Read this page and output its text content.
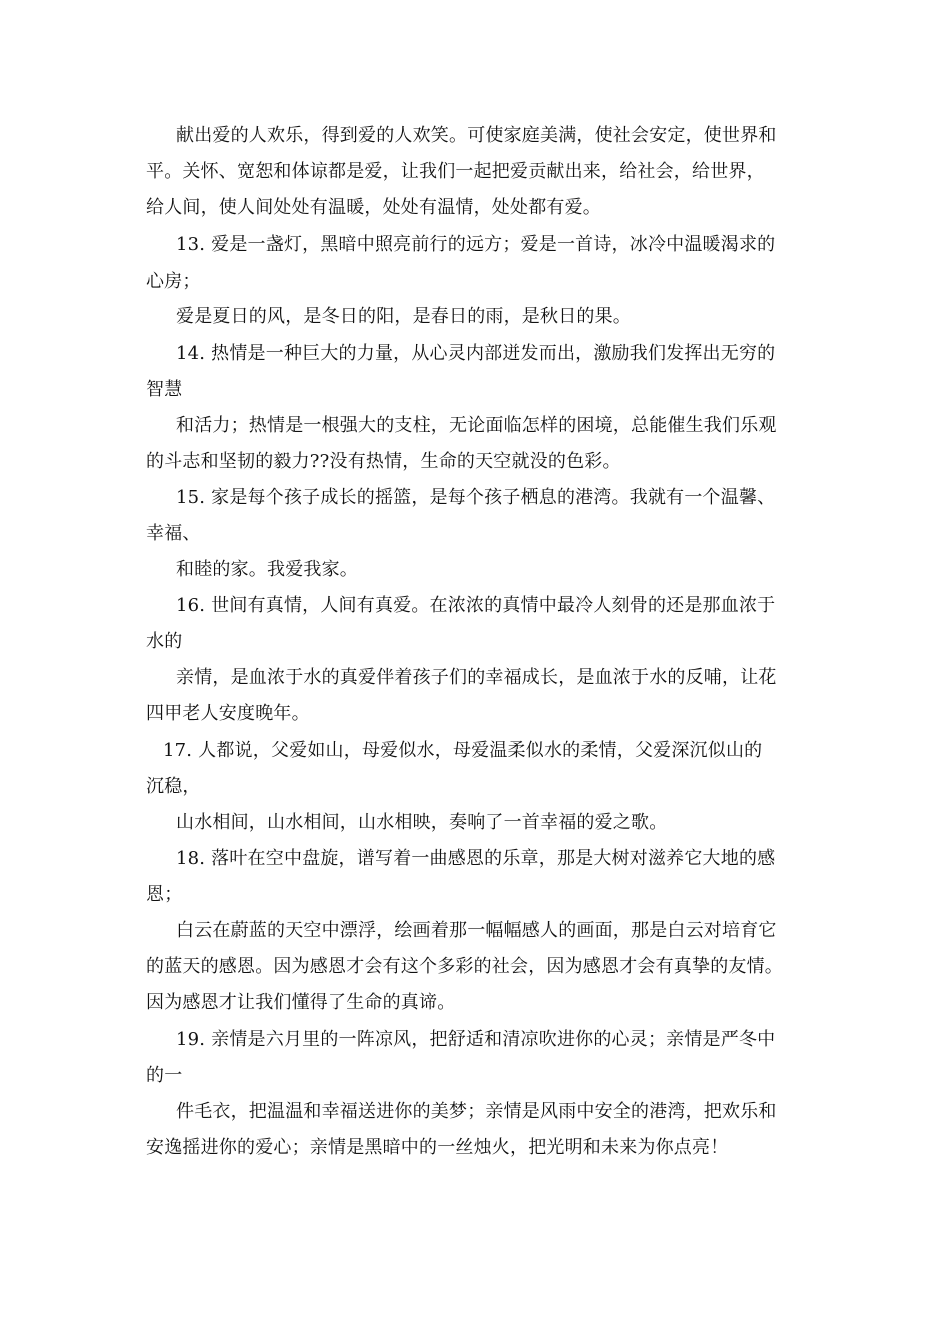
献出爱的人欢乐，得到爱的人欢笑。可使家庭美满，使社会安定，使世界和
平。关怀、宽恕和体谅都是爱，让我们一起把爱贡献出来，给社会，给世界，
给人间，使人间处处有温暖，处处有温情，处处都有爱。
13. 爱是一盏灯，黑暗中照亮前行的远方；爱是一首诗，冰冷中温暖渴求的
心房；
爱是夏日的风，是冬日的阳，是春日的雨，是秋日的果。
14. 热情是一种巨大的力量，从心灵内部迸发而出，激励我们发挥出无穷的
智慧
和活力；热情是一根强大的支柱，无论面临怎样的困境，总能催生我们乐观
的斗志和坚韧的毅力??没有热情，生命的天空就没的色彩。
15. 家是每个孩子成长的摇篮，是每个孩子栖息的港湾。我就有一个温馨、
幸福、
和睦的家。我爱我家。
16. 世间有真情，人间有真爱。在浓浓的真情中最冷人刻骨的还是那血浓于
水的
亲情，是血浓于水的真爱伴着孩子们的幸福成长，是血浓于水的反哺，让花
四甲老人安度晚年。
17. 人都说，父爱如山，母爱似水，母爱温柔似水的柔情，父爱深沉似山的
沉稳，
山水相间，山水相间，山水相映，奏响了一首幸福的爱之歌。
18. 落叶在空中盘旋，谱写着一曲感恩的乐章，那是大树对滋养它大地的感
恩；
白云在蔚蓝的天空中漂浮，绘画着那一幅幅感人的画面，那是白云对培育它
的蓝天的感恩。因为感恩才会有这个多彩的社会，因为感恩才会有真挚的友情。
因为感恩才让我们懂得了生命的真谛。
19. 亲情是六月里的一阵凉风，把舒适和清凉吹进你的心灵；亲情是严冬中
的一
件毛衣，把温温和幸福送进你的美梦；亲情是风雨中安全的港湾，把欢乐和
安逸摇进你的爱心；亲情是黑暗中的一丝烛火，把光明和未来为你点亮！
